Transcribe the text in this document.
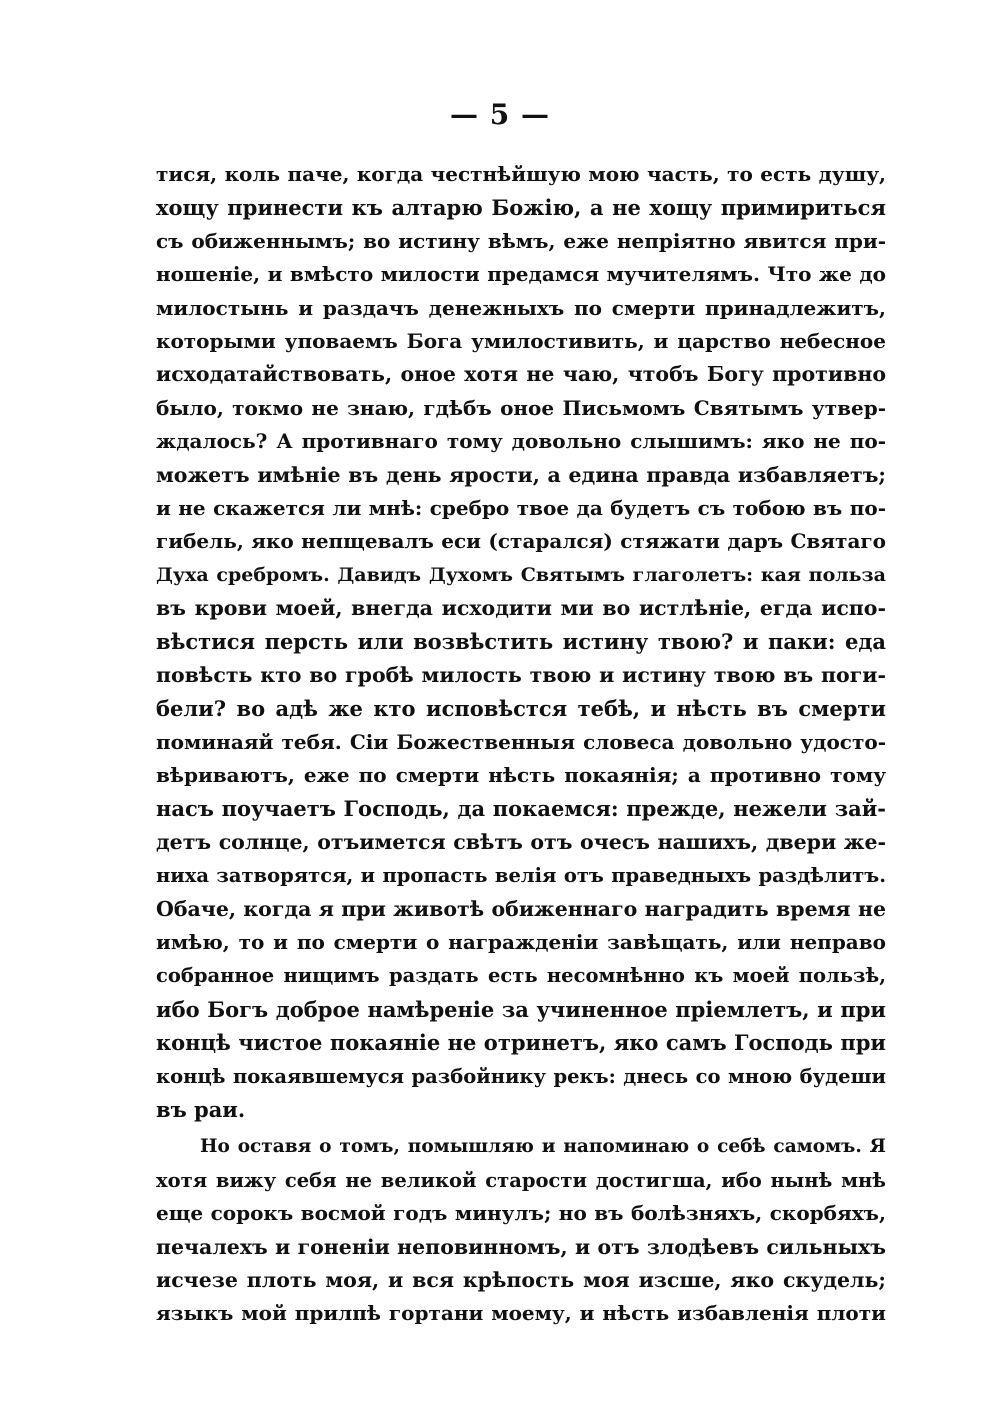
— 5 —
тися, коль паче, когда честнѣйшую мою часть, то есть душу,
хощу принести къ алтарю Божію, а не хощу примириться
съ обиженнымъ; во истину вѣмъ, еже непріятно явится при-
ношеніе, и вмѣсто милости предамся мучителямъ. Что же до
милостынь и раздачъ денежныхъ по смерти принадлежитъ,
которыми уповаемъ Бога умилостивить, и царство небесное
исходатайствовать, оное хотя не чаю, чтобъ Богу противно
было, токмо не знаю, гдѣбъ оное Письмомъ Святымъ утвер-
ждалось? А противнаго тому довольно слышимъ: яко не по-
можетъ имѣніе въ день ярости, а едина правда избавляетъ;
и не скажется ли мнѣ: сребро твое да будетъ съ тобою въ по-
гибель, яко непщевалъ еси (старался) стяжати даръ Святаго
Духа сребромъ. Давидъ Духомъ Святымъ глаголетъ: кая польза
въ крови моей, внегда исходити ми во истлѣніе, егда испо-
вѣстися персть или возвѣстить истину твою? и паки: еда
повѣсть кто во гробѣ милость твою и истину твою въ поги-
бели? во адѣ же кто исповѣстся тебѣ, и нѣсть въ смерти
поминаяй тебя. Сіи Божественныя словеса довольно удосто-
вѣриваютъ, еже по смерти нѣсть покаянія; а противно тому
насъ поучаетъ Господь, да покаемся: прежде, нежели зай-
детъ солнце, отъимется свѣтъ отъ очесъ нашихъ, двери же-
ниха затворятся, и пропасть велія отъ праведныхъ раздѣлитъ.
Обаче, когда я при животѣ обиженнаго наградить время не
имѣю, то и по смерти о награжденіи завѣщать, или неправо
собранное нищимъ раздать есть несомнѣнно къ моей пользѣ,
ибо Богъ доброе намѣреніе за учиненное пріемлетъ, и при
концѣ чистое покаяніе не отринетъ, яко самъ Господь при
концѣ покаявшемуся разбойнику рекъ: днесь со мною будеши
въ раи.
Но оставя о томъ, помышляю и напоминаю о себѣ самомъ. Я
хотя вижу себя не великой старости достигша, ибо нынѣ мнѣ
еще сорокъ восмой годъ минулъ; но въ болѣзняхъ, скорбяхъ,
печалехъ и гоненіи неповинномъ, и отъ злодѣевъ сильныхъ
исчезе плоть моя, и вся крѣпость моя изсше, яко скудель;
языкъ мой прилпѣ гортани моему, и нѣсть избавленія плоти
